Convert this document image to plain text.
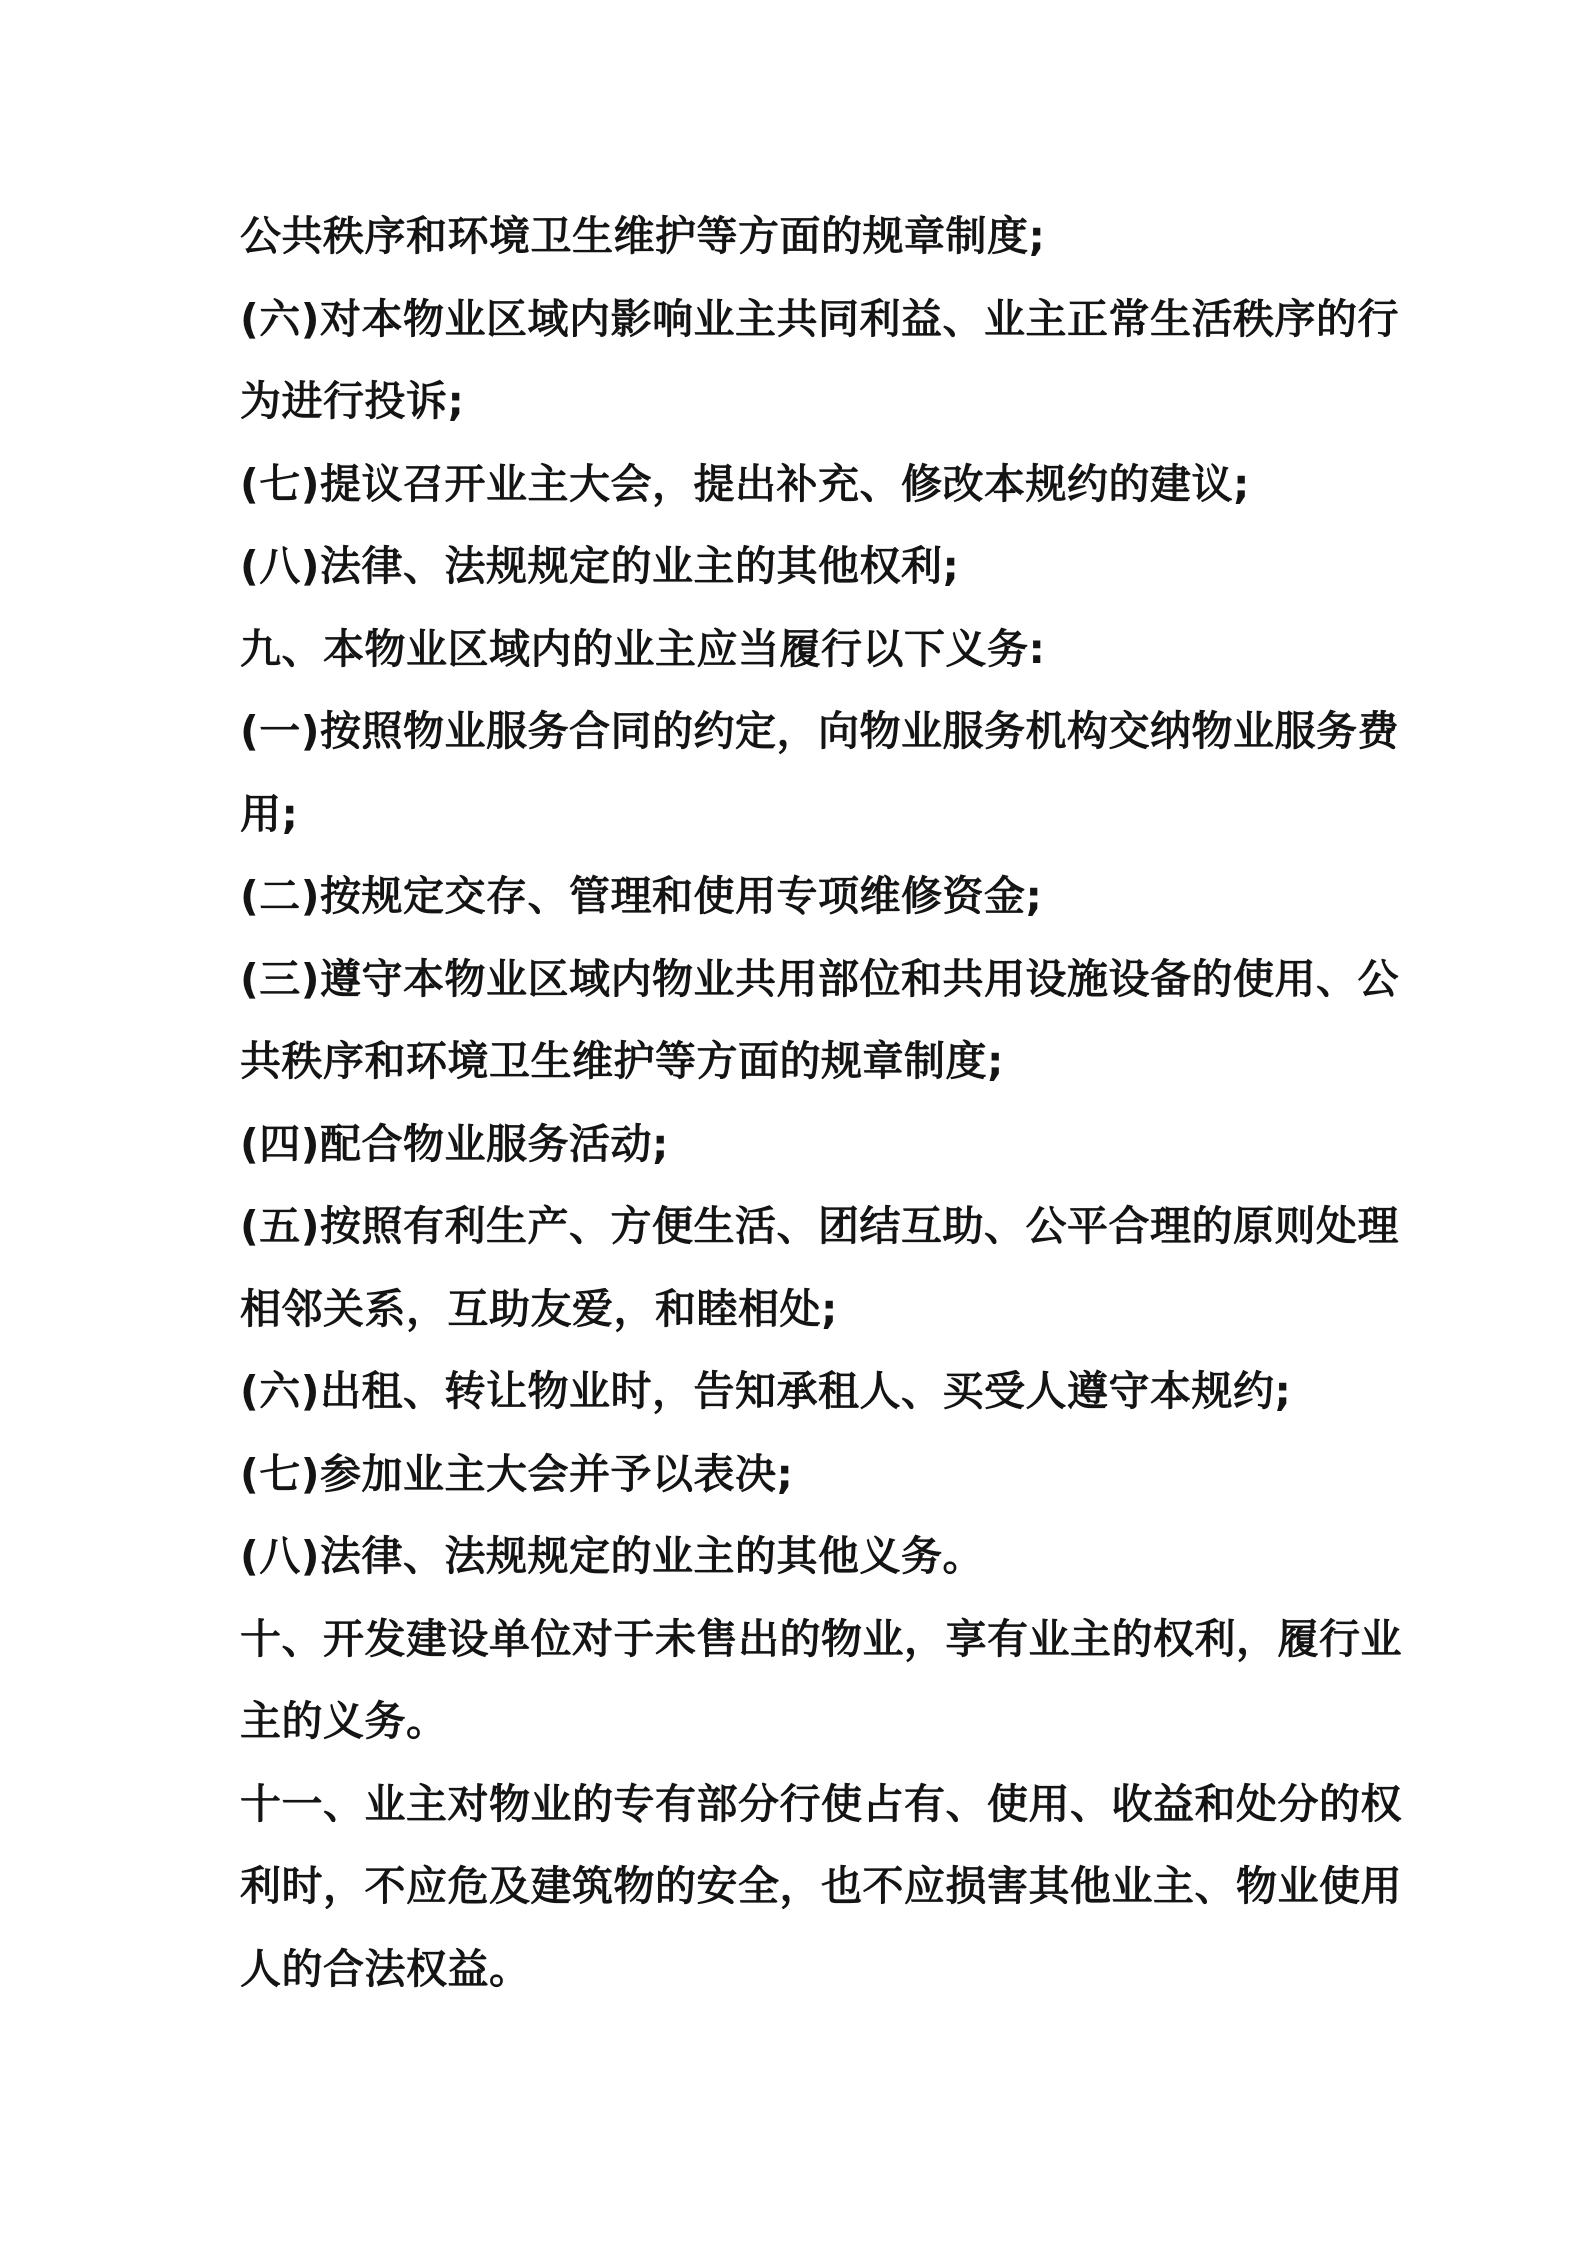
公共秩序和环境卫生维护等方面的规章制度;
(六)对本物业区域内影响业主共同利益、业主正常生活秩序的行
为进行投诉;
(七)提议召开业主大会，提出补充、修改本规约的建议;
(八)法律、法规规定的业主的其他权利;
九、本物业区域内的业主应当履行以下义务:
(一)按照物业服务合同的约定，向物业服务机构交纳物业服务费
用;
(二)按规定交存、管理和使用专项维修资金;
(三)遵守本物业区域内物业共用部位和共用设施设备的使用、公
共秩序和环境卫生维护等方面的规章制度;
(四)配合物业服务活动;
(五)按照有利生产、方便生活、团结互助、公平合理的原则处理
相邻关系，互助友爱，和睦相处;
(六)出租、转让物业时，告知承租人、买受人遵守本规约;
(七)参加业主大会并予以表决;
(八)法律、法规规定的业主的其他义务。
十、开发建设单位对于未售出的物业，享有业主的权利，履行业
主的义务。
十一、业主对物业的专有部分行使占有、使用、收益和处分的权
利时，不应危及建筑物的安全，也不应损害其他业主、物业使用
人的合法权益。
